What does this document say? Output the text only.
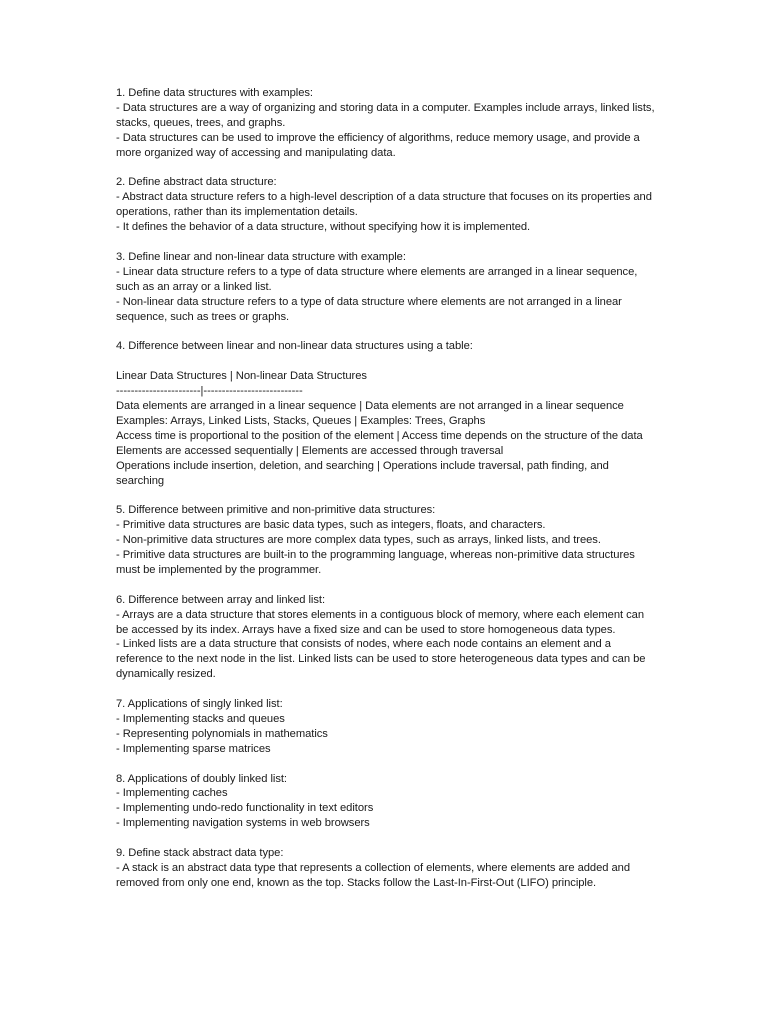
1. Define data structures with examples:
- Data structures are a way of organizing and storing data in a computer. Examples include arrays, linked lists, stacks, queues, trees, and graphs.
- Data structures can be used to improve the efficiency of algorithms, reduce memory usage, and provide a more organized way of accessing and manipulating data.
2. Define abstract data structure:
- Abstract data structure refers to a high-level description of a data structure that focuses on its properties and operations, rather than its implementation details.
- It defines the behavior of a data structure, without specifying how it is implemented.
3. Define linear and non-linear data structure with example:
- Linear data structure refers to a type of data structure where elements are arranged in a linear sequence, such as an array or a linked list.
- Non-linear data structure refers to a type of data structure where elements are not arranged in a linear sequence, such as trees or graphs.
4. Difference between linear and non-linear data structures using a table:
Linear Data Structures | Non-linear Data Structures
-----------------------|---------------------------
Data elements are arranged in a linear sequence | Data elements are not arranged in a linear sequence
Examples: Arrays, Linked Lists, Stacks, Queues | Examples: Trees, Graphs
Access time is proportional to the position of the element | Access time depends on the structure of the data
Elements are accessed sequentially | Elements are accessed through traversal
Operations include insertion, deletion, and searching | Operations include traversal, path finding, and searching
5. Difference between primitive and non-primitive data structures:
- Primitive data structures are basic data types, such as integers, floats, and characters.
- Non-primitive data structures are more complex data types, such as arrays, linked lists, and trees.
- Primitive data structures are built-in to the programming language, whereas non-primitive data structures must be implemented by the programmer.
6. Difference between array and linked list:
- Arrays are a data structure that stores elements in a contiguous block of memory, where each element can be accessed by its index. Arrays have a fixed size and can be used to store homogeneous data types.
- Linked lists are a data structure that consists of nodes, where each node contains an element and a reference to the next node in the list. Linked lists can be used to store heterogeneous data types and can be dynamically resized.
7. Applications of singly linked list:
- Implementing stacks and queues
- Representing polynomials in mathematics
- Implementing sparse matrices
8. Applications of doubly linked list:
- Implementing caches
- Implementing undo-redo functionality in text editors
- Implementing navigation systems in web browsers
9. Define stack abstract data type:
- A stack is an abstract data type that represents a collection of elements, where elements are added and removed from only one end, known as the top. Stacks follow the Last-In-First-Out (LIFO) principle.
